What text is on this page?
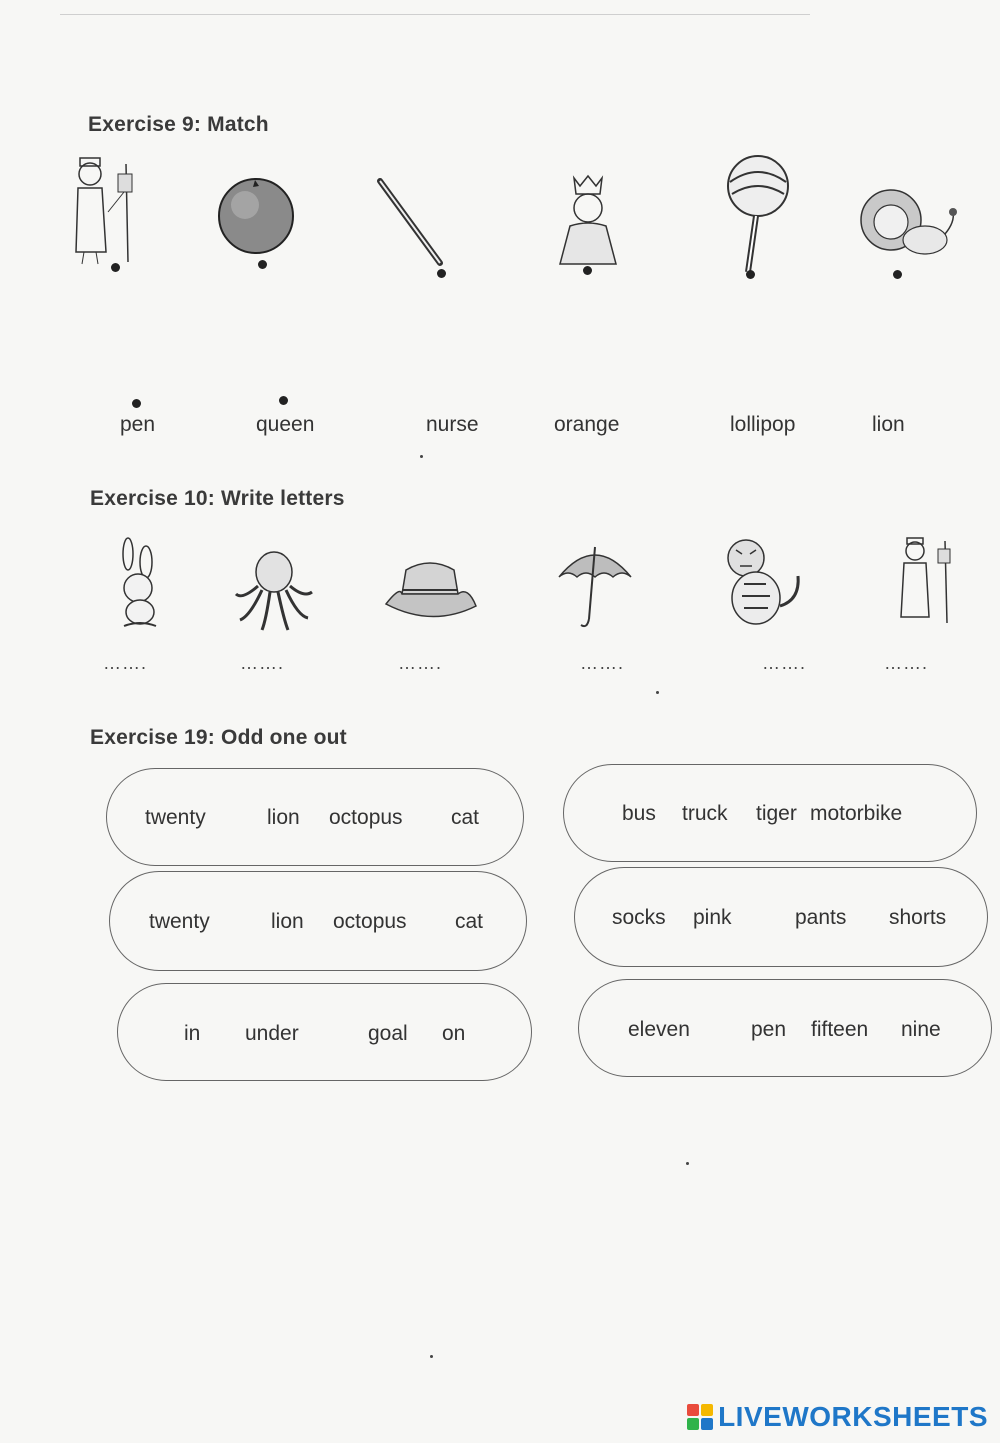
Exercise 9: Match
pen	queen	nurse	orange	lollipop	lion
Exercise 10: Write letters
…….	…….	…….	…….	…….	…….
Exercise 19: Odd one out
twenty	lion octopus cat	bus truck tiger motorbike
twenty	lion octopus cat	socks pink	pants shorts
in under	goal on	eleven	pen fifteen nine
LIVEWORKSHEETS
